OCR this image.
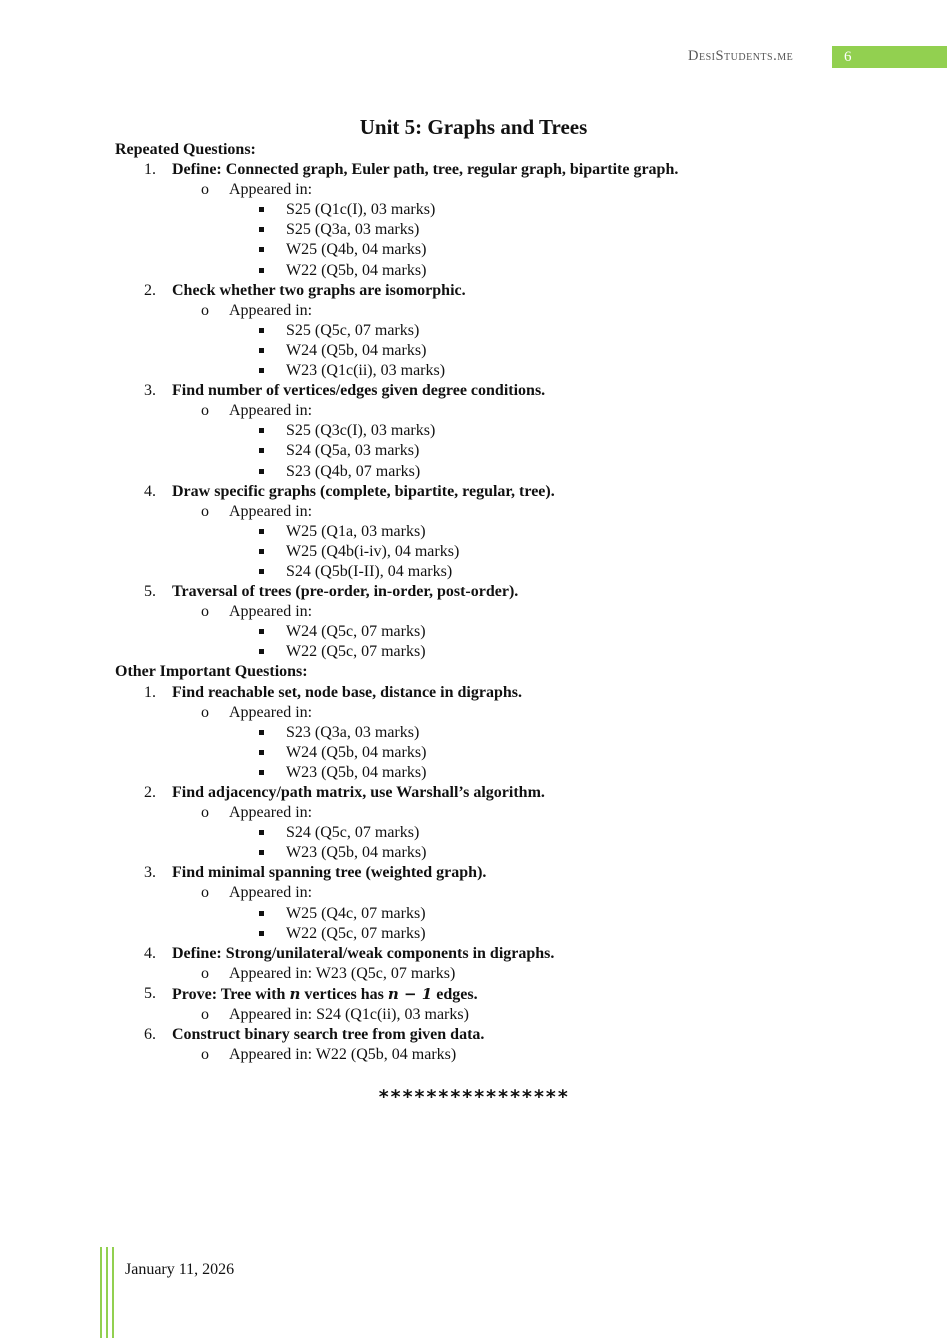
DesiStudents.me	6
Unit 5: Graphs and Trees
Repeated Questions:
1. Define: Connected graph, Euler path, tree, regular graph, bipartite graph.
o Appeared in:
S25 (Q1c(I), 03 marks)
S25 (Q3a, 03 marks)
W25 (Q4b, 04 marks)
W22 (Q5b, 04 marks)
2. Check whether two graphs are isomorphic.
o Appeared in:
S25 (Q5c, 07 marks)
W24 (Q5b, 04 marks)
W23 (Q1c(ii), 03 marks)
3. Find number of vertices/edges given degree conditions.
o Appeared in:
S25 (Q3c(I), 03 marks)
S24 (Q5a, 03 marks)
S23 (Q4b, 07 marks)
4. Draw specific graphs (complete, bipartite, regular, tree).
o Appeared in:
W25 (Q1a, 03 marks)
W25 (Q4b(i-iv), 04 marks)
S24 (Q5b(I-II), 04 marks)
5. Traversal of trees (pre-order, in-order, post-order).
o Appeared in:
W24 (Q5c, 07 marks)
W22 (Q5c, 07 marks)
Other Important Questions:
1. Find reachable set, node base, distance in digraphs.
o Appeared in:
S23 (Q3a, 03 marks)
W24 (Q5b, 04 marks)
W23 (Q5b, 04 marks)
2. Find adjacency/path matrix, use Warshall’s algorithm.
o Appeared in:
S24 (Q5c, 07 marks)
W23 (Q5b, 04 marks)
3. Find minimal spanning tree (weighted graph).
o Appeared in:
W25 (Q4c, 07 marks)
W22 (Q5c, 07 marks)
4. Define: Strong/unilateral/weak components in digraphs.
o Appeared in: W23 (Q5c, 07 marks)
5. Prove: Tree with n vertices has n − 1 edges.
o Appeared in: S24 (Q1c(ii), 03 marks)
6. Construct binary search tree from given data.
o Appeared in: W22 (Q5b, 04 marks)
****************
January 11, 2026
